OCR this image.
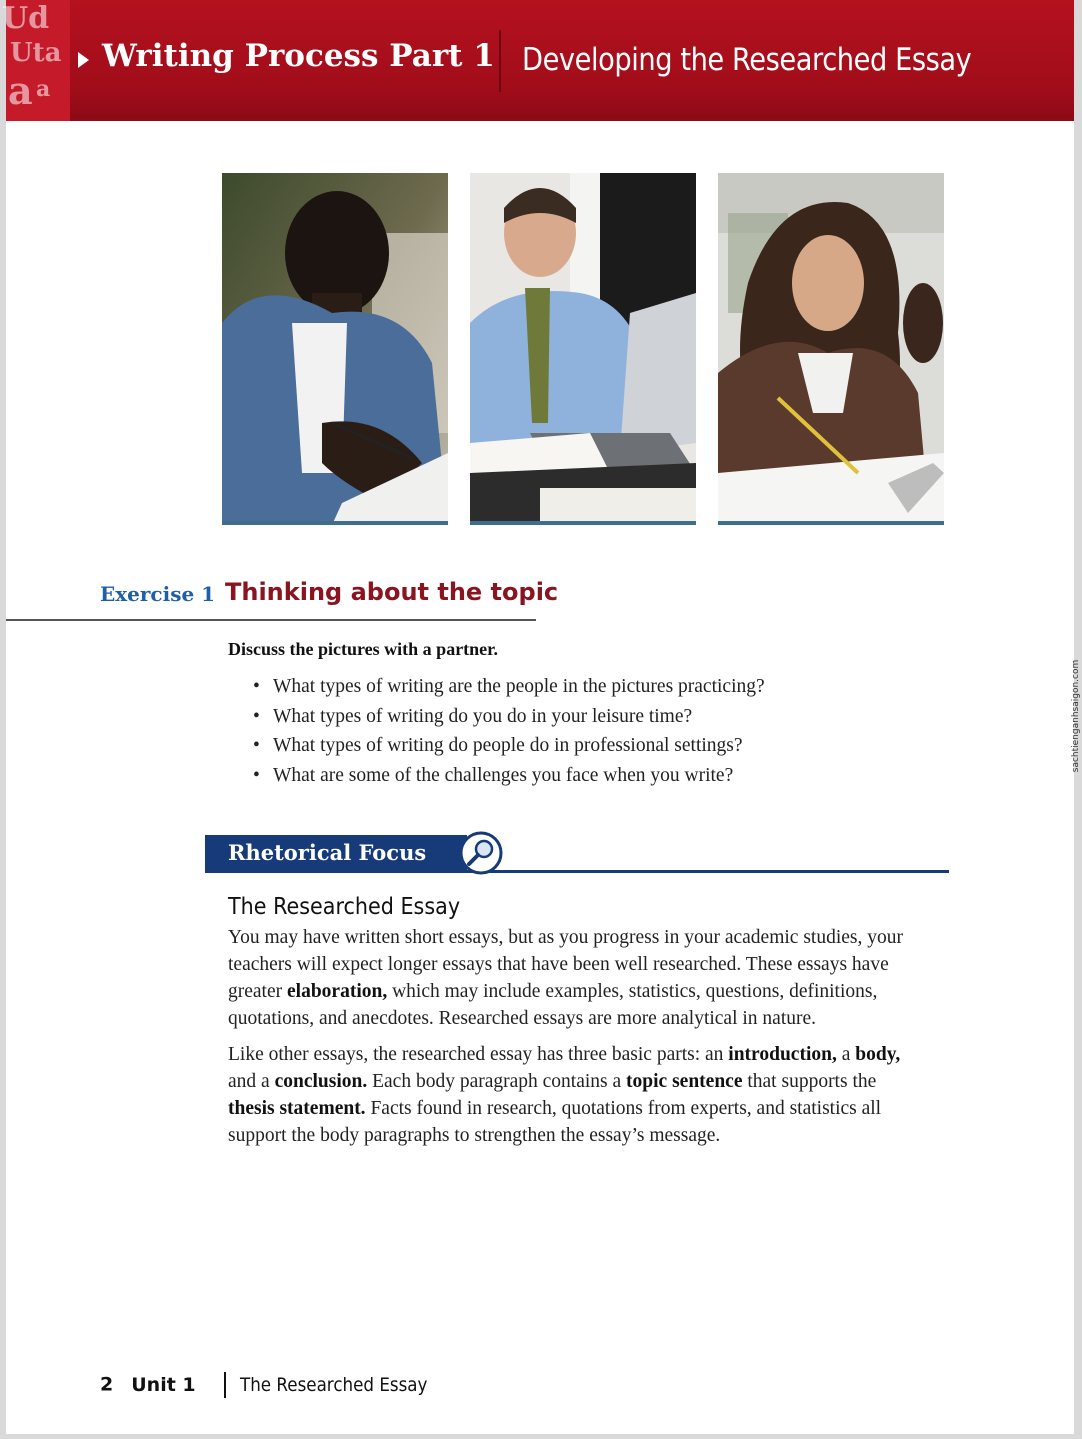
Ud
Uta
a a
Writing Process Part 1 Developing the Researched Essay
Exercise 1 Thinking about the topic
Discuss the pictures with a partner.
• What types of writing are the people in the pictures practicing?
• What types of writing do you do in your leisure time?
• What types of writing do people do in professional settings?
• What are some of the challenges you face when you write?
Rhetorical Focus
The Researched Essay

You may have written short essays, but as you progress in your academic studies, your teachers will expect longer essays that have been well researched. These essays have greater elaboration, which may include examples, statistics, questions, definitions, quotations, and anecdotes. Researched essays are more analytical in nature.

Like other essays, the researched essay has three basic parts: an introduction, a body, and a conclusion. Each body paragraph contains a topic sentence that supports the thesis statement. Facts found in research, quotations from experts, and statistics all support the body paragraphs to strengthen the essay’s message.

sachtienganhsaigon.com
2 Unit 1 The Researched Essay
